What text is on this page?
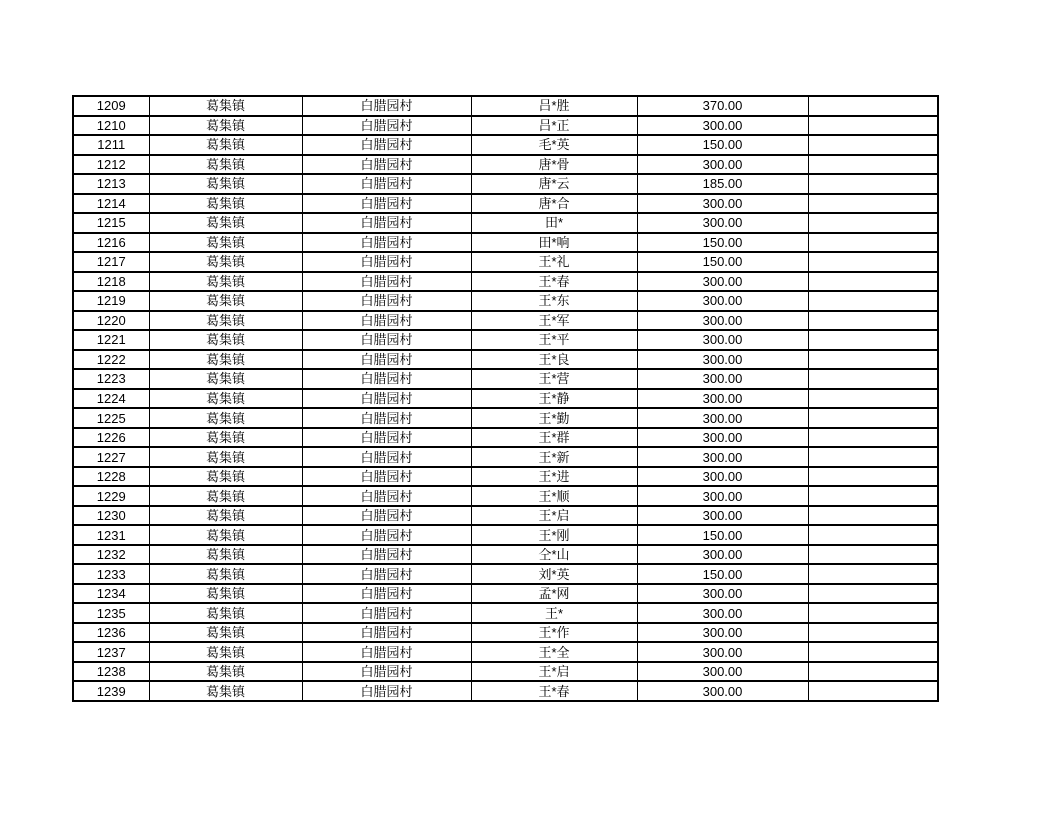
1209	葛集镇	白腊园村	吕*胜	370.00	
1210	葛集镇	白腊园村	吕*正	300.00	
1211	葛集镇	白腊园村	毛*英	150.00	
1212	葛集镇	白腊园村	唐*骨	300.00	
1213	葛集镇	白腊园村	唐*云	185.00	
1214	葛集镇	白腊园村	唐*合	300.00	
1215	葛集镇	白腊园村	田*	300.00	
1216	葛集镇	白腊园村	田*响	150.00	
1217	葛集镇	白腊园村	王*礼	150.00	
1218	葛集镇	白腊园村	王*春	300.00	
1219	葛集镇	白腊园村	王*东	300.00	
1220	葛集镇	白腊园村	王*军	300.00	
1221	葛集镇	白腊园村	王*平	300.00	
1222	葛集镇	白腊园村	王*良	300.00	
1223	葛集镇	白腊园村	王*营	300.00	
1224	葛集镇	白腊园村	王*静	300.00	
1225	葛集镇	白腊园村	王*勤	300.00	
1226	葛集镇	白腊园村	王*群	300.00	
1227	葛集镇	白腊园村	王*新	300.00	
1228	葛集镇	白腊园村	王*进	300.00	
1229	葛集镇	白腊园村	王*顺	300.00	
1230	葛集镇	白腊园村	王*启	300.00	
1231	葛集镇	白腊园村	王*刚	150.00	
1232	葛集镇	白腊园村	仝*山	300.00	
1233	葛集镇	白腊园村	刘*英	150.00	
1234	葛集镇	白腊园村	孟*网	300.00	
1235	葛集镇	白腊园村	王*	300.00	
1236	葛集镇	白腊园村	王*作	300.00	
1237	葛集镇	白腊园村	王*全	300.00	
1238	葛集镇	白腊园村	王*启	300.00	
1239	葛集镇	白腊园村	王*春	300.00	
